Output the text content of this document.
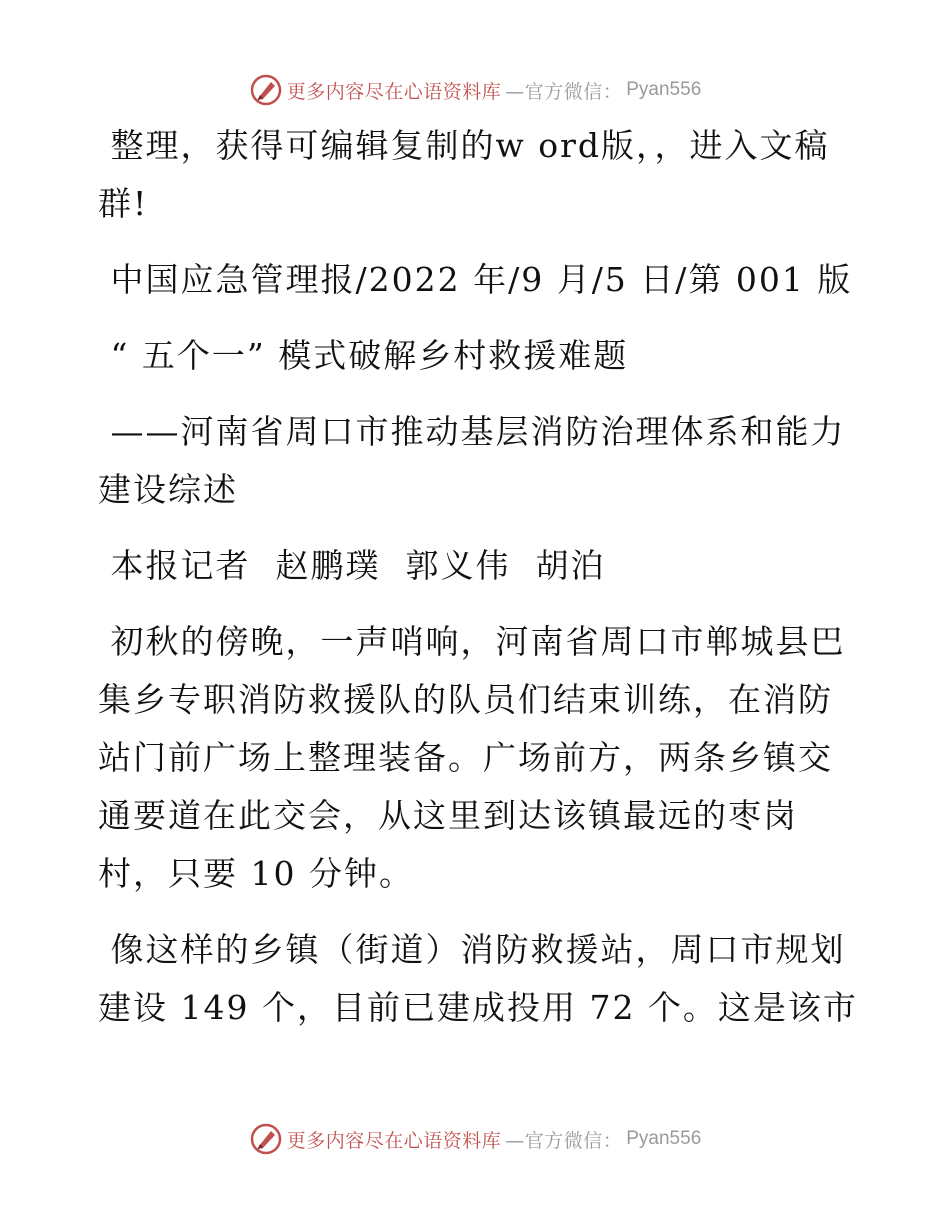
更多内容尽在心语资料库 —官方微信： Pyan556

整理，获得可编辑复制的w ord版，，进入文稿群!

中国应急管理报/2022 年/9 月/5 日/第 001 版

“ 五个一” 模式破解乡村救援难题

——河南省周口市推动基层消防治理体系和能力建设综述

本报记者  赵鹏璞  郭义伟  胡泊

初秋的傍晚，一声哨响，河南省周口市郸城县巴集乡专职消防救援队的队员们结束训练，在消防站门前广场上整理装备。广场前方，两条乡镇交通要道在此交会，从这里到达该镇最远的枣岗村，只要 10 分钟。

像这样的乡镇（街道）消防救援站，周口市规划建设 149 个，目前已建成投用 72 个。这是该市

更多内容尽在心语资料库 —官方微信： Pyan556
